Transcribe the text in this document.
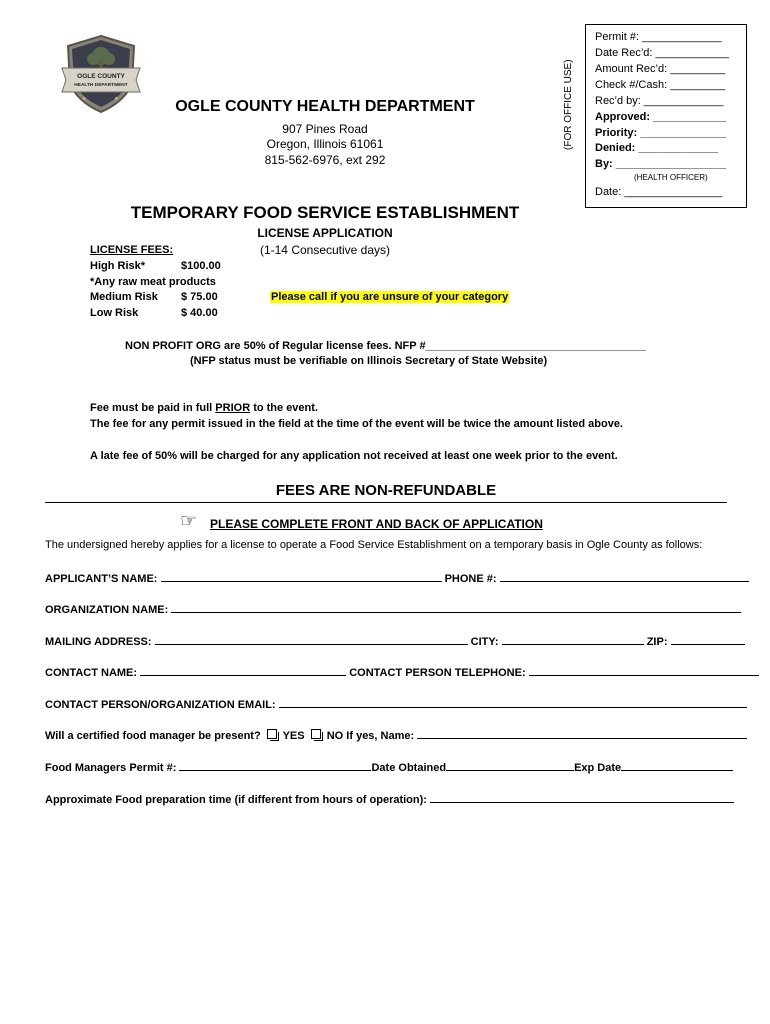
OGLE COUNTY
HEALTH DEPARTMENT
★	★	OGLE COUNTY HEALTH DEPARTMENT
907 Pines Road
Oregon, Illinois 61061
815-562-6976, ext 292
(FOR OFFICE USE)
Permit #: _____________
Date Rec’d: ____________
Amount Rec’d: _________
Check #/Cash: _________
Rec’d by: _____________
Approved: ____________
Priority: ______________
Denied: _____________
By: __________________
(HEALTH OFFICER)
Date: ________________
TEMPORARY FOOD SERVICE ESTABLISHMENT
LICENSE APPLICATION
(1-14 Consecutive days)
LICENSE FEES:
High Risk*	$100.00
*Any raw meat products
Medium Risk $ 75.00
Low Risk	$ 40.00
Please call if you are unsure of your category
NON PROFIT ORG are 50% of Regular license fees. NFP #____________________________________
(NFP status must be verifiable on Illinois Secretary of State Website)
Fee must be paid in full PRIOR to the event.
The fee for any permit issued in the field at the time of the event will be twice the amount listed above.
A late fee of 50% will be charged for any application not received at least one week prior to the event.
FEES ARE NON-REFUNDABLE
☞ PLEASE COMPLETE FRONT AND BACK OF APPLICATION
The undersigned hereby applies for a license to operate a Food Service Establishment on a temporary basis in Ogle County as follows:
APPLICANT’S NAME:	PHONE #:
ORGANIZATION NAME:
MAILING ADDRESS:	CITY:	ZIP:
CONTACT NAME:	CONTACT PERSON TELEPHONE:
CONTACT PERSON/ORGANIZATION EMAIL:
Will a certified food manager be present? YES NO If yes, Name:
Food Managers Permit #:	Date Obtained	Exp Date
Approximate Food preparation time (if different from hours of operation):
